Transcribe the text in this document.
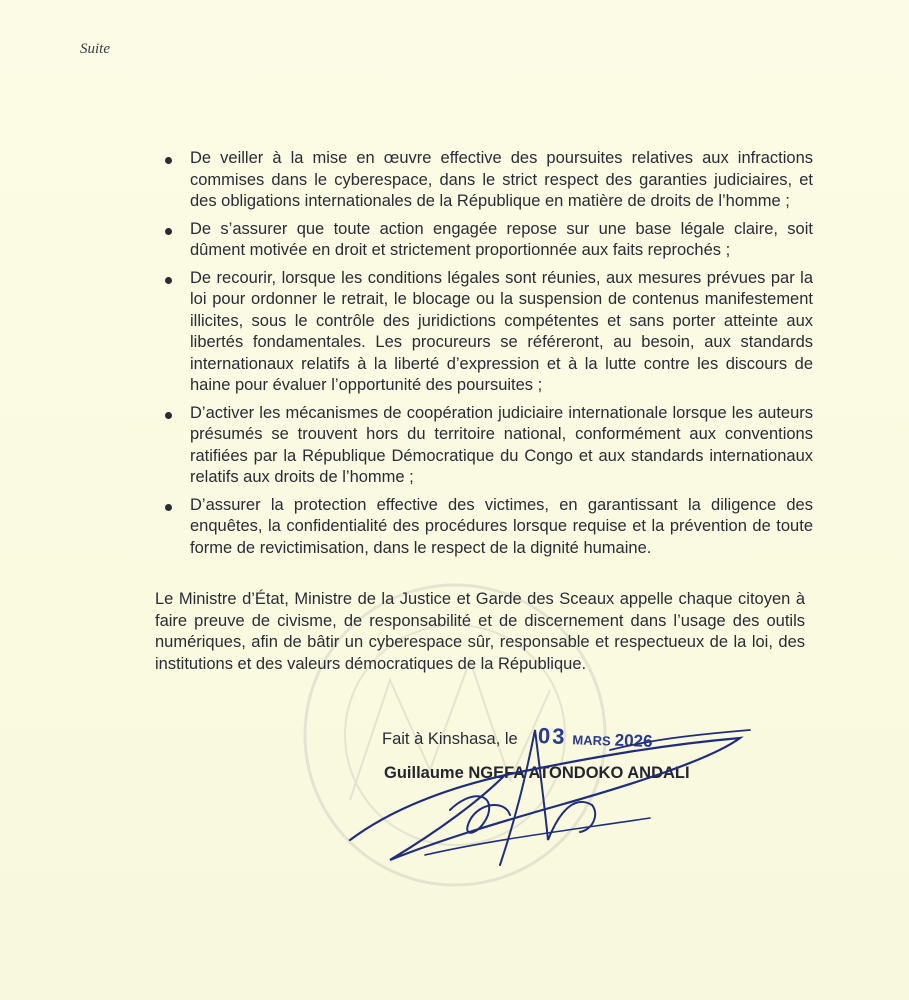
Suite
De veiller à la mise en œuvre effective des poursuites relatives aux infractions commises dans le cyberespace, dans le strict respect des garanties judiciaires, et des obligations internationales de la République en matière de droits de l’homme ;
De s’assurer que toute action engagée repose sur une base légale claire, soit dûment motivée en droit et strictement proportionnée aux faits reprochés ;
De recourir, lorsque les conditions légales sont réunies, aux mesures prévues par la loi pour ordonner le retrait, le blocage ou la suspension de contenus manifestement illicites, sous le contrôle des juridictions compétentes et sans porter atteinte aux libertés fondamentales. Les procureurs se référeront, au besoin, aux standards internationaux relatifs à la liberté d’expression et à la lutte contre les discours de haine pour évaluer l’opportunité des poursuites ;
D’activer les mécanismes de coopération judiciaire internationale lorsque les auteurs présumés se trouvent hors du territoire national, conformément aux conventions ratifiées par la République Démocratique du Congo et aux standards internationaux relatifs aux droits de l’homme ;
D’assurer la protection effective des victimes, en garantissant la diligence des enquêtes, la confidentialité des procédures lorsque requise et la prévention de toute forme de revictimisation, dans le respect de la dignité humaine.

Le Ministre d’État, Ministre de la Justice et Garde des Sceaux appelle chaque citoyen à faire preuve de civisme, de responsabilité et de discernement dans l’usage des outils numériques, afin de bâtir un cyberespace sûr, responsable et respectueux de la loi, des institutions et des valeurs démocratiques de la République.

Fait à Kinshasa, le 03 MARS 2026
Guillaume NGEFA ATONDOKO ANDALI
